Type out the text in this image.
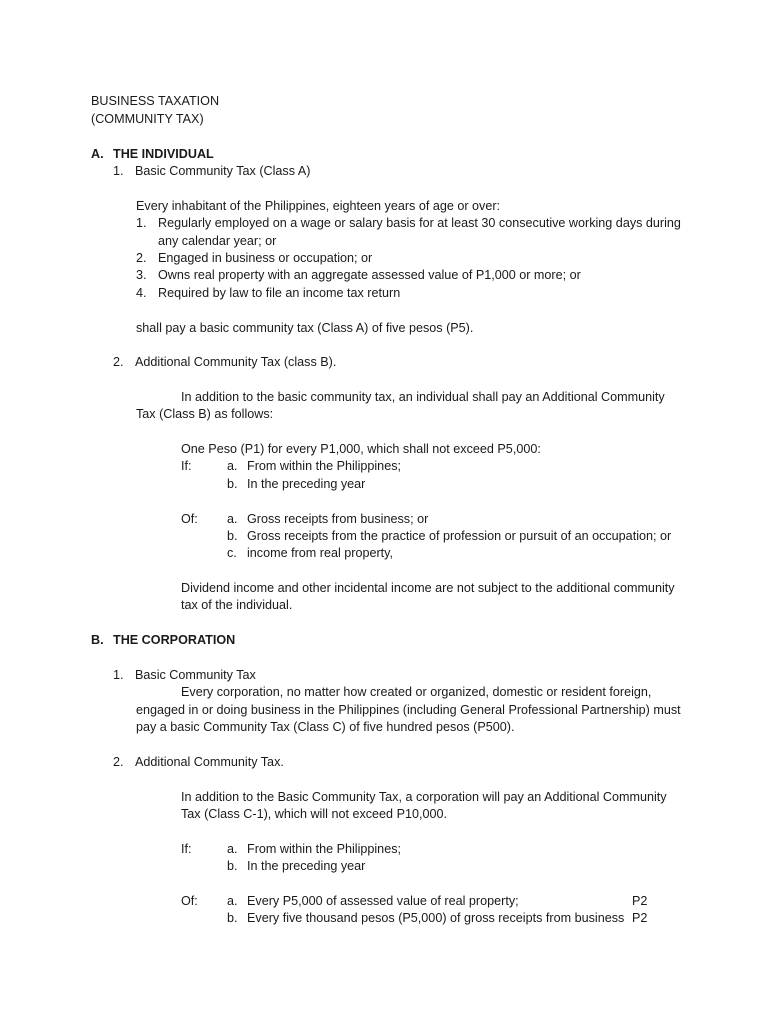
BUSINESS TAXATION
(COMMUNITY TAX)
A. THE INDIVIDUAL
1. Basic Community Tax (Class A)
Every inhabitant of the Philippines, eighteen years of age or over:
1. Regularly employed on a wage or salary basis for at least 30 consecutive working days during
any calendar year; or
2. Engaged in business or occupation; or
3. Owns real property with an aggregate assessed value of P1,000 or more; or
4. Required by law to file an income tax return
shall pay a basic community tax (Class A) of five pesos (P5).
2. Additional Community Tax (class B).
In addition to the basic community tax, an individual shall pay an Additional Community
Tax (Class B) as follows:
One Peso (P1) for every P1,000, which shall not exceed P5,000:
If:	a. From within the Philippines;
b. In the preceding year
Of: a. Gross receipts from business; or
b. Gross receipts from the practice of profession or pursuit of an occupation; or
c. income from real property,
Dividend income and other incidental income are not subject to the additional community
tax of the individual.
B. THE CORPORATION
1. Basic Community Tax
Every corporation, no matter how created or organized, domestic or resident foreign,
engaged in or doing business in the Philippines (including General Professional Partnership) must
pay a basic Community Tax (Class C) of five hundred pesos (P500).
2. Additional Community Tax.
In addition to the Basic Community Tax, a corporation will pay an Additional Community
Tax (Class C-1), which will not exceed P10,000.
If:	a. From within the Philippines;
b. In the preceding year
Of: a. Every P5,000 of assessed value of real property;
b. Every five thousand pesos (P5,000) of gross receipts from business
P2
P2
